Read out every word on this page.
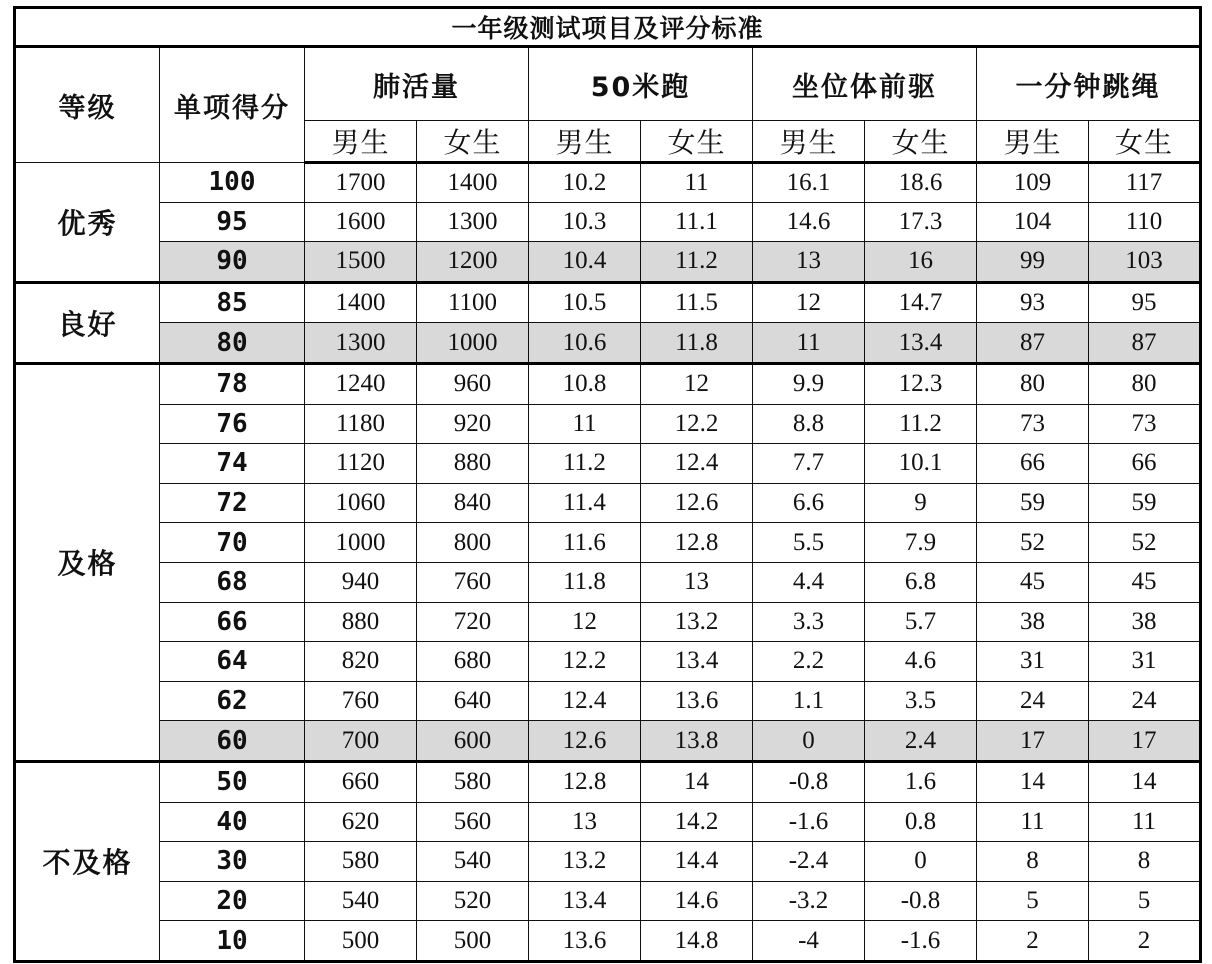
一年级测试项目及评分标准									
等级	单项得分	肺活量		50米跑		坐位体前驱		一分钟跳绳	
		男生	女生	男生	女生	男生	女生	男生	女生
优秀	100	1700	1400	10.2	11	16.1	18.6	109	117
	95	1600	1300	10.3	11.1	14.6	17.3	104	110
	90	1500	1200	10.4	11.2	13	16	99	103
良好	85	1400	1100	10.5	11.5	12	14.7	93	95
	80	1300	1000	10.6	11.8	11	13.4	87	87
及格	78	1240	960	10.8	12	9.9	12.3	80	80
	76	1180	920	11	12.2	8.8	11.2	73	73
	74	1120	880	11.2	12.4	7.7	10.1	66	66
	72	1060	840	11.4	12.6	6.6	9	59	59
	70	1000	800	11.6	12.8	5.5	7.9	52	52
	68	940	760	11.8	13	4.4	6.8	45	45
	66	880	720	12	13.2	3.3	5.7	38	38
	64	820	680	12.2	13.4	2.2	4.6	31	31
	62	760	640	12.4	13.6	1.1	3.5	24	24
	60	700	600	12.6	13.8	0	2.4	17	17
不及格	50	660	580	12.8	14	-0.8	1.6	14	14
	40	620	560	13	14.2	-1.6	0.8	11	11
	30	580	540	13.2	14.4	-2.4	0	8	8
	20	540	520	13.4	14.6	-3.2	-0.8	5	5
	10	500	500	13.6	14.8	-4	-1.6	2	2
